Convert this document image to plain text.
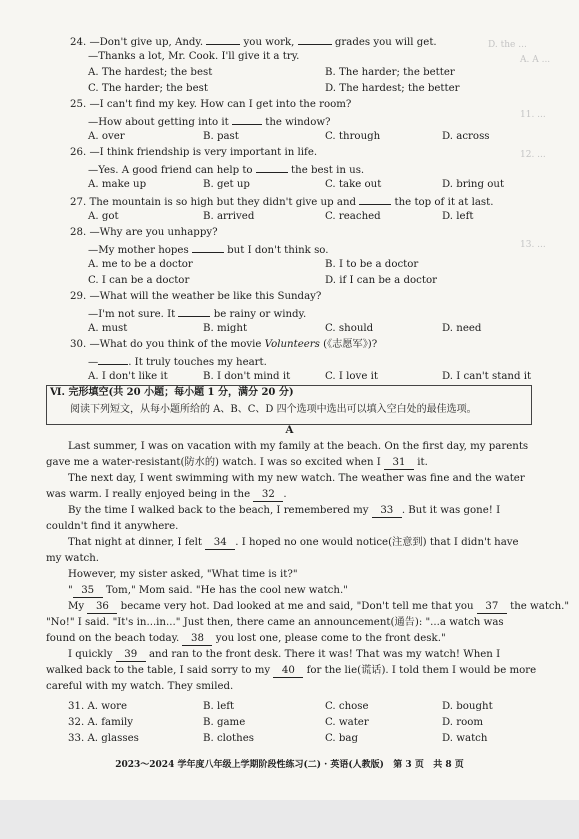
D. the ...
A. A ...
11. ...
12. ...
13. ...
24. —Don't give up, Andy.	you work,	grades you will get.
—Thanks a lot, Mr. Cook. I'll give it a try.
A. The hardest; the best	B. The harder; the better
C. The harder; the best	D. The hardest; the better
25. —I can't find my key. How can I get into the room?
—How about getting into it	the window?
A. over	B. past	C. through	D. across
26. —I think friendship is very important in life.
—Yes. A good friend can help to	the best in us.
A. make up	B. get up	C. take out	D. bring out
27. The mountain is so high but they didn't give up and	the top of it at last.
A. got	B. arrived	C. reached	D. left
28. —Why are you unhappy?
—My mother hopes	but I don't think so.
A. me to be a doctor	B. I to be a doctor
C. I can be a doctor	D. if I can be a doctor
29. —What will the weather be like this Sunday?
—I'm not sure. It	be rainy or windy.
A. must	B. might	C. should	D. need
30. —What do you think of the movie Volunteers (《志愿军》)?
—	. It truly touches my heart.
A. I don't like it	B. I don't mind it	C. I love it	D. I can't stand it
Ⅵ. 完形填空(共 20 小题；每小题 1 分，满分 20 分)
阅读下列短文，从每小题所给的 A、B、C、D 四个选项中选出可以填入空白处的最佳选项。
A
Last summer, I was on vacation with my family at the beach. On the first day, my parents
gave me a water-resistant(防水的) watch. I was so excited when I 31 it.
The next day, I went swimming with my new watch. The weather was fine and the water
was warm. I really enjoyed being in the 32 .
By the time I walked back to the beach, I remembered my 33 . But it was gone! I
couldn't find it anywhere.
That night at dinner, I felt 34 . I hoped no one would notice(注意到) that I didn't have
my watch.
However, my sister asked, "What time is it?"
" 35 Tom," Mom said. "He has the cool new watch."
My 36 became very hot. Dad looked at me and said, "Don't tell me that you 37 the watch."
"No!" I said. "It's in...in..." Just then, there came an announcement(通告): "...a watch was
found on the beach today. 38 you lost one, please come to the front desk."
I quickly 39 and ran to the front desk. There it was! That was my watch! When I
walked back to the table, I said sorry to my 40 for the lie(谎话). I told them I would be more
careful with my watch. They smiled.
31. A. wore	B. left	C. chose	D. bought
32. A. family	B. game	C. water	D. room
33. A. glasses	B. clothes	C. bag	D. watch
2023～2024 学年度八年级上学期阶段性练习(二) · 英语(人教版)   第 3 页   共 8 页
